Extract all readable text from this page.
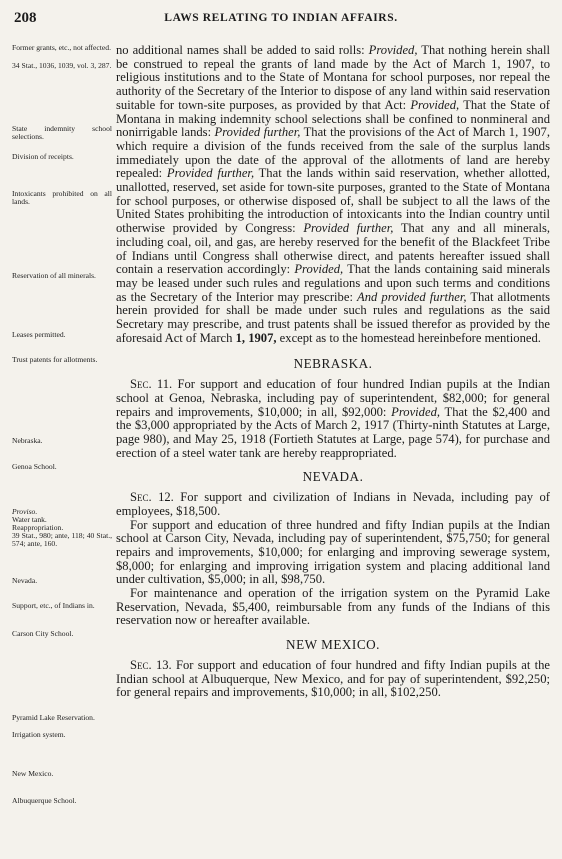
208	LAWS RELATING TO INDIAN AFFAIRS.
Former grants, etc., not affected.
34 Stat., 1036, 1039, vol. 3, 287.
State indemnity school selections.
Division of receipts.
Intoxicants prohibited on all lands.
Reservation of all minerals.
Leases permitted.
Trust patents for allotments.
Nebraska.
Genoa School.
Proviso.
Water tank.
Reappropriation.
39 Stat., 980; ante, 118; 40 Stat., 574; ante, 160.
Nevada.
Support, etc., of Indians in.
Carson City School.
Pyramid Lake Reservation.
Irrigation system.
New Mexico.
Albuquerque School.

no additional names shall be added to said rolls: Provided, That nothing herein shall be construed to repeal the grants of land made by the Act of March 1, 1907, to religious institutions and to the State of Montana for school purposes, nor repeal the authority of the Secretary of the Interior to dispose of any land within said reservation suitable for town-site purposes, as provided by that Act: Provided, That the State of Montana in making indemnity school selections shall be confined to nonmineral and nonirrigable lands: Provided further, That the provisions of the Act of March 1, 1907, which require a division of the funds received from the sale of the surplus lands immediately upon the date of the approval of the allotments of land are hereby repealed: Provided further, That the lands within said reservation, whether allotted, unallotted, reserved, set aside for town-site purposes, granted to the State of Montana for school purposes, or otherwise disposed of, shall be subject to all the laws of the United States prohibiting the introduction of intoxicants into the Indian country until otherwise provided by Congress: Provided further, That any and all minerals, including coal, oil, and gas, are hereby reserved for the benefit of the Blackfeet Tribe of Indians until Congress shall otherwise direct, and patents hereafter issued shall contain a reservation accordingly: Provided, That the lands containing said minerals may be leased under such rules and regulations and upon such terms and conditions as the Secretary of the Interior may prescribe: And provided further, That allotments herein provided for shall be made under such rules and regulations as the said Secretary may prescribe, and trust patents shall be issued therefor as provided by the aforesaid Act of March 1, 1907, except as to the homestead hereinbefore mentioned.

NEBRASKA.

Sec. 11. For support and education of four hundred Indian pupils at the Indian school at Genoa, Nebraska, including pay of superintendent, $82,000; for general repairs and improvements, $10,000; in all, $92,000: Provided, That the $2,400 and the $3,000 appropriated by the Acts of March 2, 1917 (Thirty-ninth Statutes at Large, page 980), and May 25, 1918 (Fortieth Statutes at Large, page 574), for purchase and erection of a steel water tank are hereby reappropriated.

NEVADA.

Sec. 12. For support and civilization of Indians in Nevada, including pay of employees, $18,500.

For support and education of three hundred and fifty Indian pupils at the Indian school at Carson City, Nevada, including pay of superintendent, $75,750; for general repairs and improvements, $10,000; for enlarging and improving sewerage system, $8,000; for enlarging and improving irrigation system and placing additional land under cultivation, $5,000; in all, $98,750.

For maintenance and operation of the irrigation system on the Pyramid Lake Reservation, Nevada, $5,400, reimbursable from any funds of the Indians of this reservation now or hereafter available.

NEW MEXICO.

Sec. 13. For support and education of four hundred and fifty Indian pupils at the Indian school at Albuquerque, New Mexico, and for pay of superintendent, $92,250; for general repairs and improvements, $10,000; in all, $102,250.
